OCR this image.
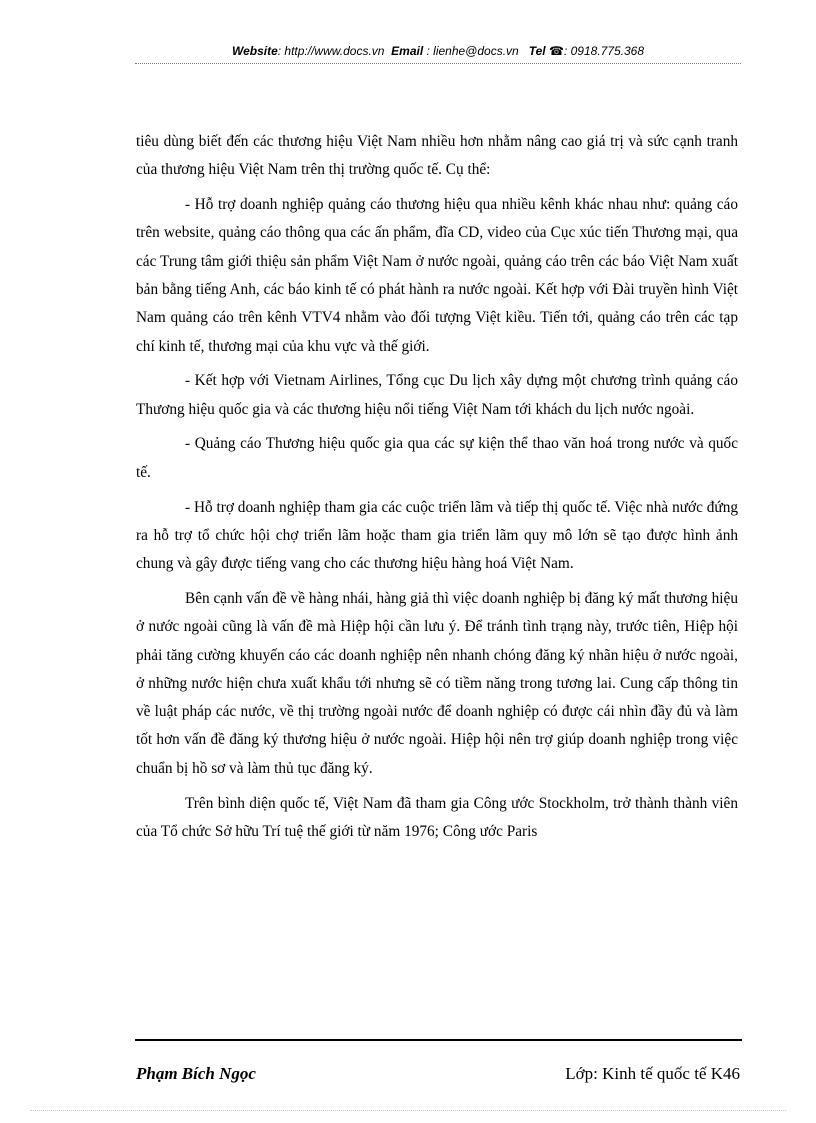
Website: http://www.docs.vn Email : lienhe@docs.vn Tel ☎: 0918.775.368

tiêu dùng biết đến các thương hiệu Việt Nam nhiều hơn nhằm nâng cao giá trị và sức cạnh tranh của thương hiệu Việt Nam trên thị trường quốc tế. Cụ thể:

- Hỗ trợ doanh nghiệp quảng cáo thương hiệu qua nhiều kênh khác nhau như: quảng cáo trên website, quảng cáo thông qua các ấn phẩm, đĩa CD, video của Cục xúc tiến Thương mại, qua các Trung tâm giới thiệu sản phẩm Việt Nam ở nước ngoài, quảng cáo trên các báo Việt Nam xuất bản bằng tiếng Anh, các báo kinh tế có phát hành ra nước ngoài. Kết hợp với Đài truyền hình Việt Nam quảng cáo trên kênh VTV4 nhằm vào đối tượng Việt kiều. Tiến tới, quảng cáo trên các tạp chí kinh tế, thương mại của khu vực và thế giới.

- Kết hợp với Vietnam Airlines, Tổng cục Du lịch xây dựng một chương trình quảng cáo Thương hiệu quốc gia và các thương hiệu nổi tiếng Việt Nam tới khách du lịch nước ngoài.

- Quảng cáo Thương hiệu quốc gia qua các sự kiện thể thao văn hoá trong nước và quốc tế.

- Hỗ trợ doanh nghiệp tham gia các cuộc triển lãm và tiếp thị quốc tế. Việc nhà nước đứng ra hỗ trợ tổ chức hội chợ triển lãm hoặc tham gia triển lãm quy mô lớn sẽ tạo được hình ảnh chung và gây được tiếng vang cho các thương hiệu hàng hoá Việt Nam.

Bên cạnh vấn đề về hàng nhái, hàng giả thì việc doanh nghiệp bị đăng ký mất thương hiệu ở nước ngoài cũng là vấn đề mà Hiệp hội cần lưu ý. Để tránh tình trạng này, trước tiên, Hiệp hội phải tăng cường khuyến cáo các doanh nghiệp nên nhanh chóng đăng ký nhãn hiệu ở nước ngoài, ở những nước hiện chưa xuất khẩu tới nhưng sẽ có tiềm năng trong tương lai. Cung cấp thông tin về luật pháp các nước, về thị trường ngoài nước để doanh nghiệp có được cái nhìn đầy đủ và làm tốt hơn vấn đề đăng ký thương hiệu ở nước ngoài. Hiệp hội nên trợ giúp doanh nghiệp trong việc chuẩn bị hồ sơ và làm thủ tục đăng ký.

Trên bình diện quốc tế, Việt Nam đã tham gia Công ước Stockholm, trở thành thành viên của Tổ chức Sở hữu Trí tuệ thế giới từ năm 1976; Công ước Paris

Phạm Bích Ngọc	Lớp: Kinh tế quốc tế K46
